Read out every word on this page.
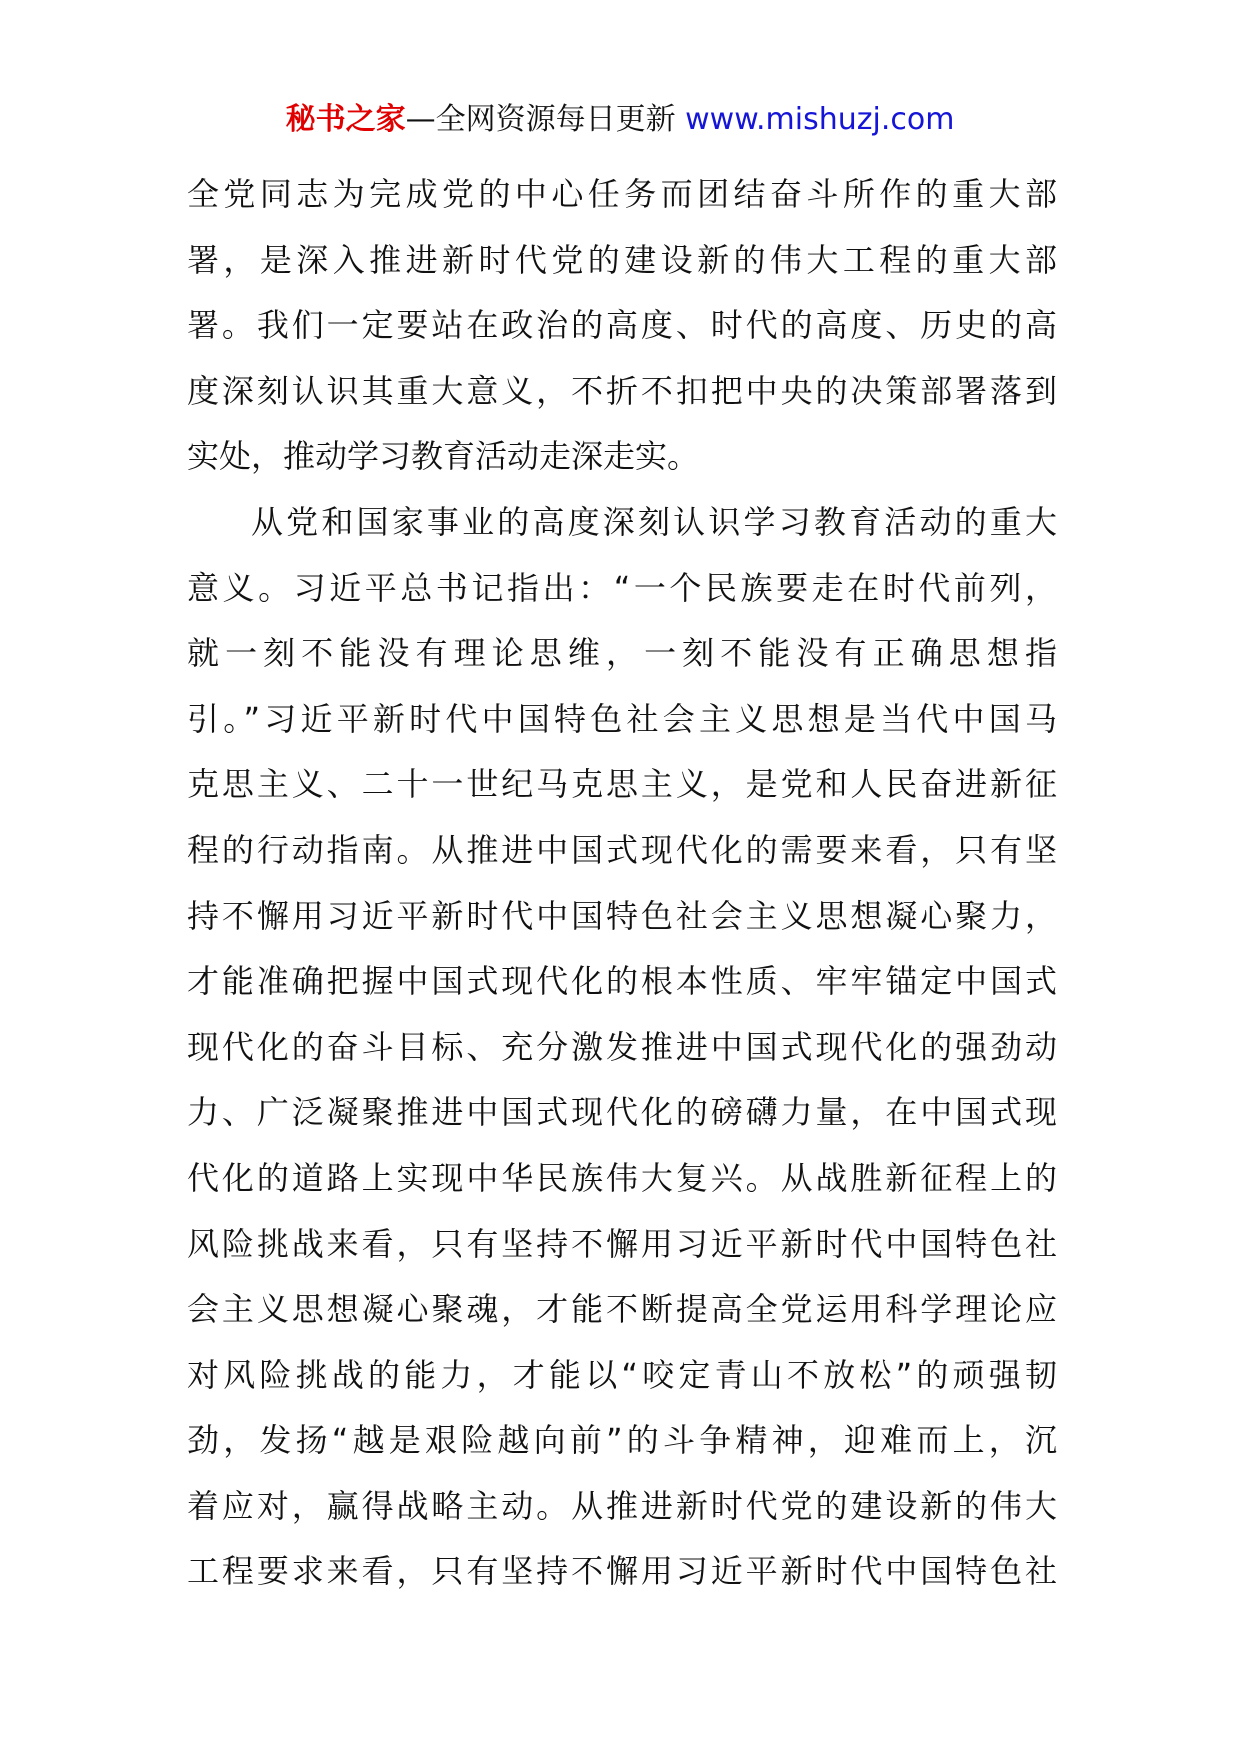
秘书之家—全网资源每日更新 www.mishuzj.com
全党同志为完成党的中心任务而团结奋斗所作的重大部
署，是深入推进新时代党的建设新的伟大工程的重大部
署。我们一定要站在政治的高度、时代的高度、历史的高
度深刻认识其重大意义，不折不扣把中央的决策部署落到
实处，推动学习教育活动走深走实。
从党和国家事业的高度深刻认识学习教育活动的重大
意义。习近平总书记指出：“一个民族要走在时代前列，
就一刻不能没有理论思维，一刻不能没有正确思想指
引。”习近平新时代中国特色社会主义思想是当代中国马
克思主义、二十一世纪马克思主义，是党和人民奋进新征
程的行动指南。从推进中国式现代化的需要来看，只有坚
持不懈用习近平新时代中国特色社会主义思想凝心聚力，
才能准确把握中国式现代化的根本性质、牢牢锚定中国式
现代化的奋斗目标、充分激发推进中国式现代化的强劲动
力、广泛凝聚推进中国式现代化的磅礴力量，在中国式现
代化的道路上实现中华民族伟大复兴。从战胜新征程上的
风险挑战来看，只有坚持不懈用习近平新时代中国特色社
会主义思想凝心聚魂，才能不断提高全党运用科学理论应
对风险挑战的能力，才能以“咬定青山不放松”的顽强韧
劲，发扬“越是艰险越向前”的斗争精神，迎难而上，沉
着应对，赢得战略主动。从推进新时代党的建设新的伟大
工程要求来看，只有坚持不懈用习近平新时代中国特色社
